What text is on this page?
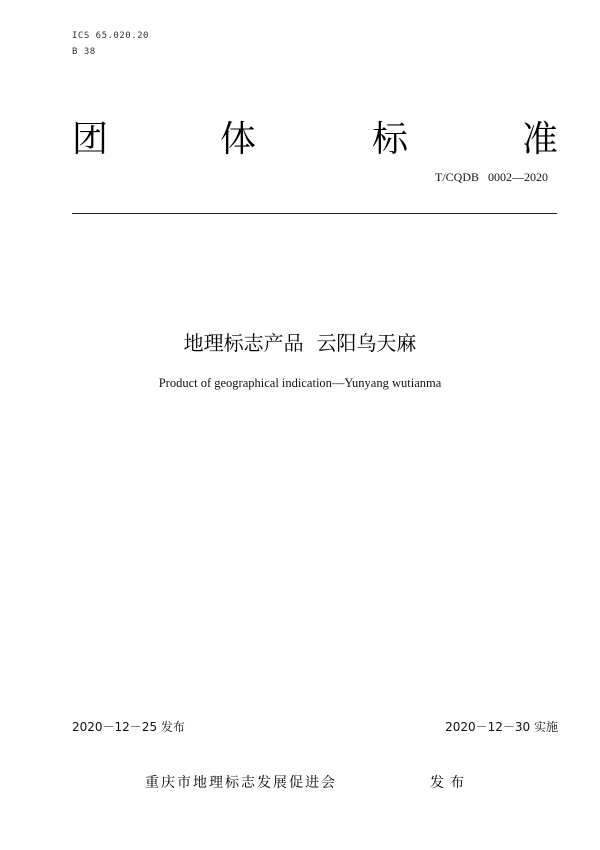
ICS 65.020.20
B 38
团	体	标	准
T/CQDB   0002—2020
地理标志产品  云阳乌天麻
Product of geographical indication—Yunyang wutianma
2020－12－25 发布	2020－12－30 实施
重庆市地理标志发展促进会	发布
